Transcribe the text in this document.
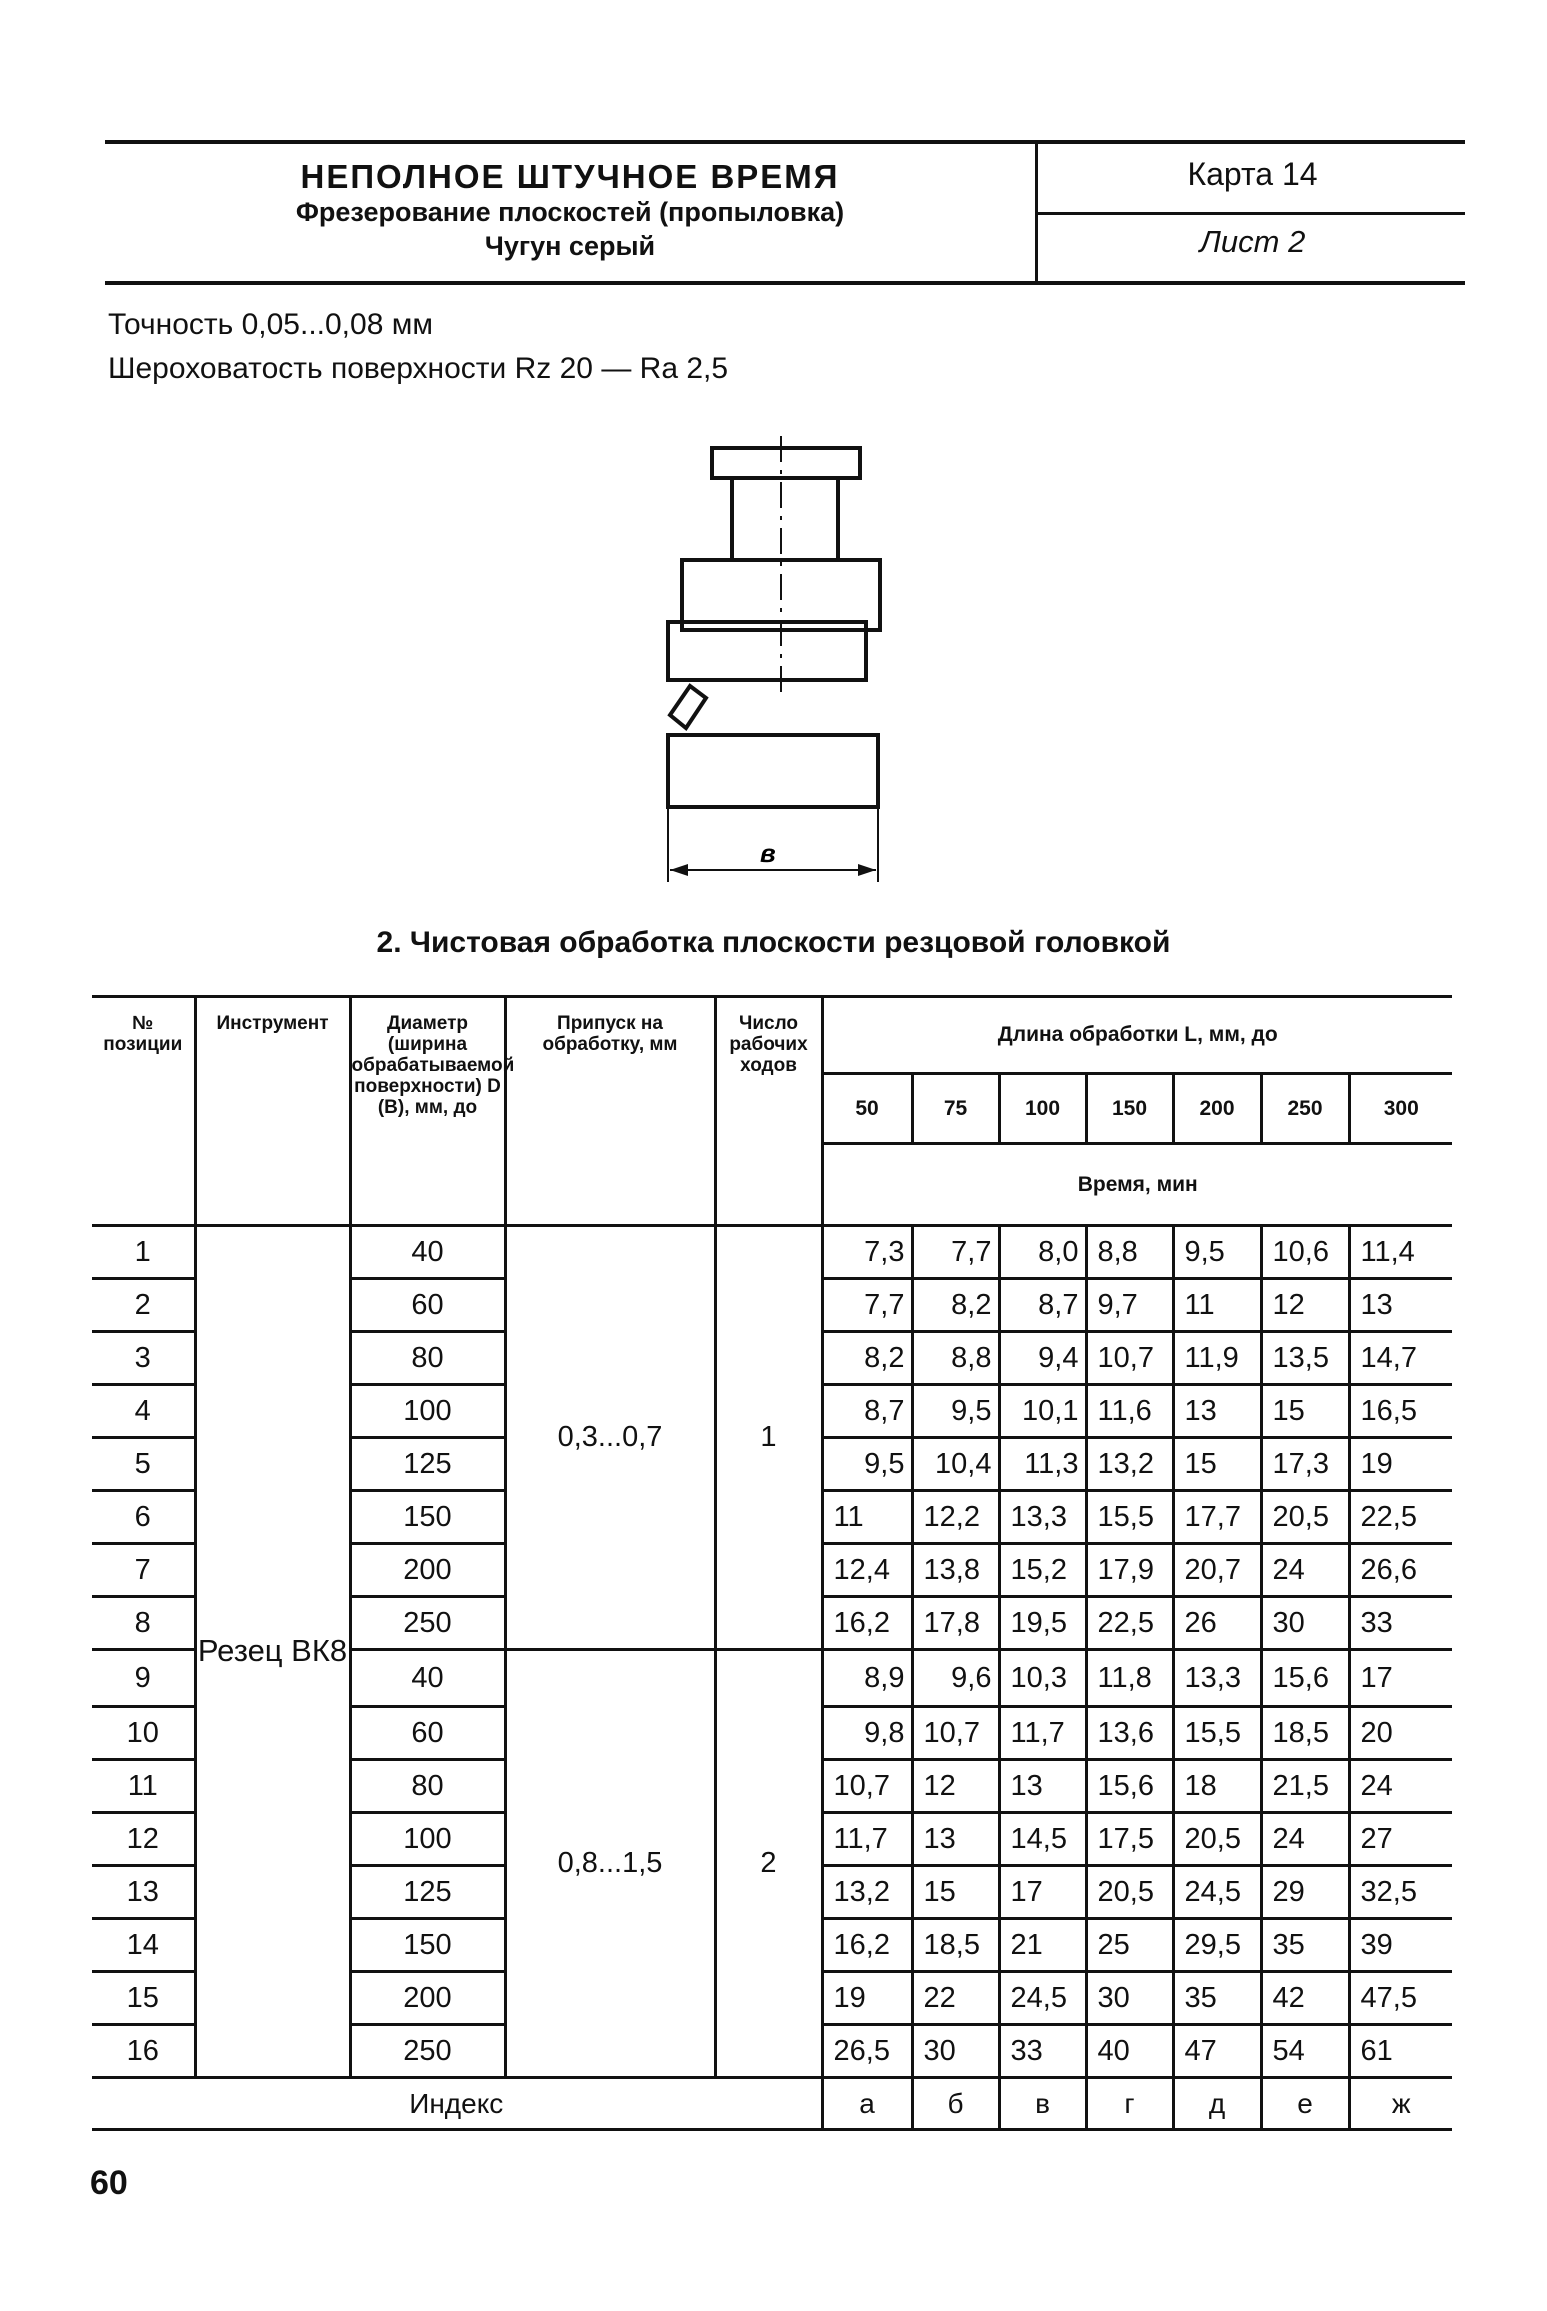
НЕПОЛНОЕ ШТУЧНОЕ ВРЕМЯ
Фрезерование плоскостей (пропыловка)
Чугун серый
Карта 14
Лист 2
Точность 0,05...0,08 мм
Шероховатость поверхности Rz 20 — Ra 2,5
в
2. Чистовая обработка плоскости резцовой головкой
№ позиции	Инструмент	Диаметр (ширина обрабатываемой поверхности) D (B), мм, до	Припуск на обработку, мм	Число рабочих ходов	Длина обработки L, мм, до						
					50	75	100	150	200	250	300
					Время, мин						
1	Резец ВК8	40	0,3...0,7	1	7,3	7,7	8,0	8,8	9,5	10,6	11,4
2		60			7,7	8,2	8,7	9,7	11	12	13
3		80			8,2	8,8	9,4	10,7	11,9	13,5	14,7
4		100			8,7	9,5	10,1	11,6	13	15	16,5
5		125			9,5	10,4	11,3	13,2	15	17,3	19
6		150			11	12,2	13,3	15,5	17,7	20,5	22,5
7		200			12,4	13,8	15,2	17,9	20,7	24	26,6
8		250			16,2	17,8	19,5	22,5	26	30	33
9		40	0,8...1,5	2	8,9	9,6	10,3	11,8	13,3	15,6	17
10		60			9,8	10,7	11,7	13,6	15,5	18,5	20
11		80			10,7	12	13	15,6	18	21,5	24
12		100			11,7	13	14,5	17,5	20,5	24	27
13		125			13,2	15	17	20,5	24,5	29	32,5
14		150			16,2	18,5	21	25	29,5	35	39
15		200			19	22	24,5	30	35	42	47,5
16		250			26,5	30	33	40	47	54	61
Индекс					а	б	в	г	д	е	ж
60
